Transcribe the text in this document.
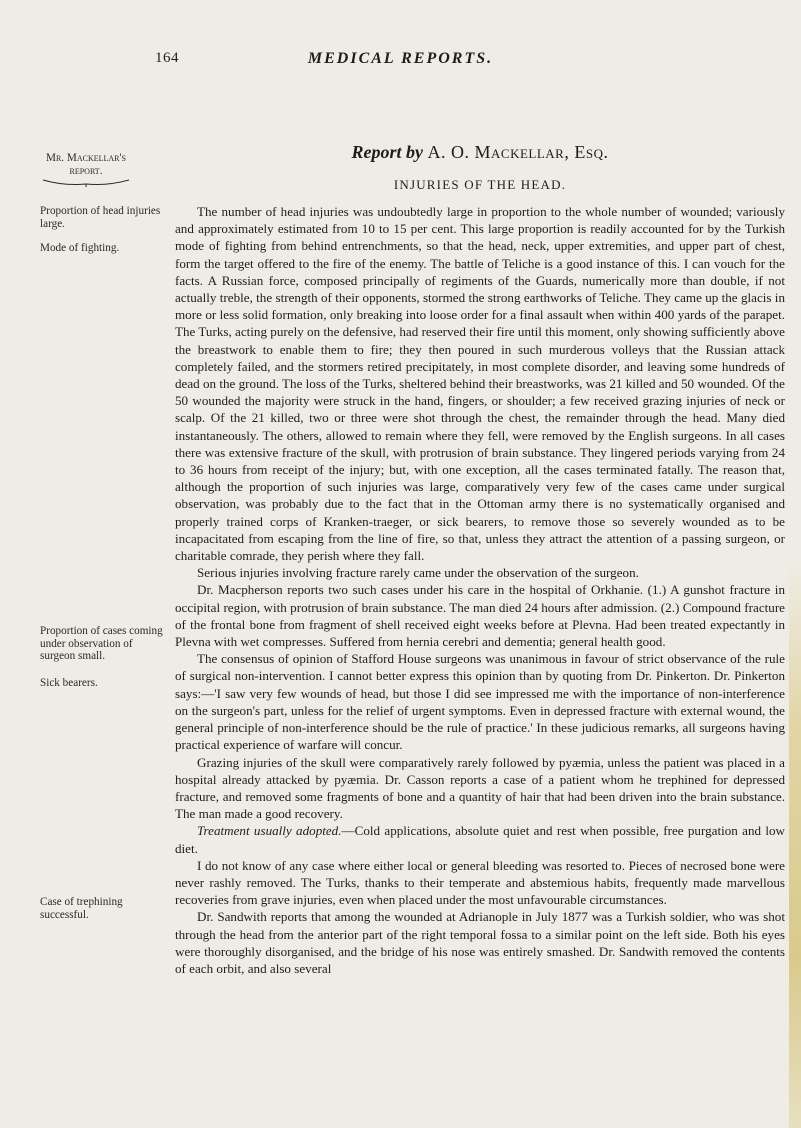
164	MEDICAL REPORTS.
Report by A. O. Mackellar, Esq.
INJURIES OF THE HEAD.
Mr. Mackellar's report.
Proportion of head injuries large.
Mode of fighting.
Proportion of cases coming under observation of surgeon small.
Sick bearers.
Case of trephining successful.

The number of head injuries was undoubtedly large in proportion to the whole number of wounded; variously and approximately estimated from 10 to 15 per cent. This large proportion is readily accounted for by the Turkish mode of fighting from behind entrenchments, so that the head, neck, upper extremities, and upper part of chest, form the target offered to the fire of the enemy. The battle of Teliche is a good instance of this. I can vouch for the facts. A Russian force, composed principally of regiments of the Guards, numerically more than double, if not actually treble, the strength of their opponents, stormed the strong earthworks of Teliche. They came up the glacis in more or less solid formation, only breaking into loose order for a final assault when within 400 yards of the parapet. The Turks, acting purely on the defensive, had reserved their fire until this moment, only showing sufficiently above the breastwork to enable them to fire; they then poured in such murderous volleys that the Russian attack completely failed, and the stormers retired precipitately, in most complete disorder, and leaving some hundreds of dead on the ground. The loss of the Turks, sheltered behind their breastworks, was 21 killed and 50 wounded. Of the 50 wounded the majority were struck in the hand, fingers, or shoulder; a few received grazing injuries of neck or scalp. Of the 21 killed, two or three were shot through the chest, the remainder through the head. Many died instantaneously. The others, allowed to remain where they fell, were removed by the English surgeons. In all cases there was extensive fracture of the skull, with protrusion of brain substance. They lingered periods varying from 24 to 36 hours from receipt of the injury; but, with one exception, all the cases terminated fatally. The reason that, although the proportion of such injuries was large, comparatively very few of the cases came under surgical observation, was probably due to the fact that in the Ottoman army there is no systematically organised and properly trained corps of Kranken-traeger, or sick bearers, to remove those so severely wounded as to be incapacitated from escaping from the line of fire, so that, unless they attract the attention of a passing surgeon, or charitable comrade, they perish where they fall.

Serious injuries involving fracture rarely came under the observation of the surgeon.

Dr. Macpherson reports two such cases under his care in the hospital of Orkhanie. (1.) A gunshot fracture in occipital region, with protrusion of brain substance. The man died 24 hours after admission. (2.) Compound fracture of the frontal bone from fragment of shell received eight weeks before at Plevna. Had been treated expectantly in Plevna with wet compresses. Suffered from hernia cerebri and dementia; general health good.

The consensus of opinion of Stafford House surgeons was unanimous in favour of strict observance of the rule of surgical non-intervention. I cannot better express this opinion than by quoting from Dr. Pinkerton. Dr. Pinkerton says:—'I saw very few wounds of head, but those I did see impressed me with the importance of non-interference on the surgeon's part, unless for the relief of urgent symptoms. Even in depressed fracture with external wound, the general principle of non-interference should be the rule of practice.' In these judicious remarks, all surgeons having practical experience of warfare will concur.

Grazing injuries of the skull were comparatively rarely followed by pyæmia, unless the patient was placed in a hospital already attacked by pyæmia. Dr. Casson reports a case of a patient whom he trephined for depressed fracture, and removed some fragments of bone and a quantity of hair that had been driven into the brain substance. The man made a good recovery.

Treatment usually adopted.—Cold applications, absolute quiet and rest when possible, free purgation and low diet.

I do not know of any case where either local or general bleeding was resorted to. Pieces of necrosed bone were never rashly removed. The Turks, thanks to their temperate and abstemious habits, frequently made marvellous recoveries from grave injuries, even when placed under the most unfavourable circumstances.

Dr. Sandwith reports that among the wounded at Adrianople in July 1877 was a Turkish soldier, who was shot through the head from the anterior part of the right temporal fossa to a similar point on the left side. Both his eyes were thoroughly disorganised, and the bridge of his nose was entirely smashed. Dr. Sandwith removed the contents of each orbit, and also several
